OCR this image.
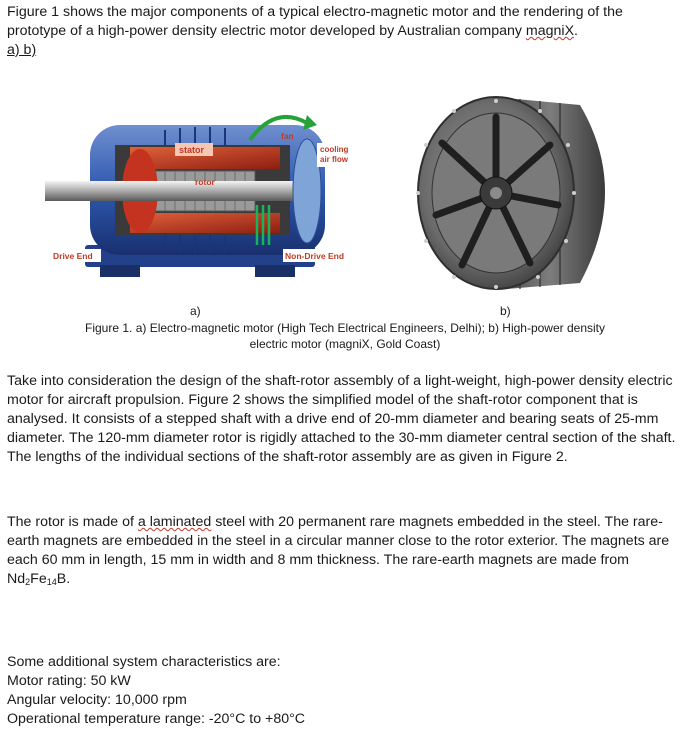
Figure 1 shows the major components of a typical electro-magnetic motor and the rendering of the
prototype of a high-power density electric motor developed by Australian company magniX.
a) b)
stator
fan
cooling
air flow
rotor
Drive End	Non-Drive End
a)	b)
Figure 1. a) Electro-magnetic motor (High Tech Electrical Engineers, Delhi); b) High-power density
electric motor (magniX, Gold Coast)
Take into consideration the design of the shaft-rotor assembly of a light-weight, high-power density electric motor for aircraft propulsion. Figure 2 shows the simplified model of the shaft-rotor component that is analysed. It consists of a stepped shaft with a drive end of 20-mm diameter and bearing seats of 25-mm diameter. The 120-mm diameter rotor is rigidly attached to the 30-mm diameter central section of the shaft. The lengths of the individual sections of the shaft-rotor assembly are as given in Figure 2.
The rotor is made of a laminated steel with 20 permanent rare magnets embedded in the steel. The rare-earth magnets are embedded in the steel in a circular manner close to the rotor exterior. The magnets are each 60 mm in length, 15 mm in width and 8 mm thickness. The rare-earth magnets are made from $Nd_2Fe_{14}B$.
Some additional system characteristics are:
Motor rating: 50 kW
Angular velocity: 10,000 rpm
Operational temperature range: -20°C to +80°C
